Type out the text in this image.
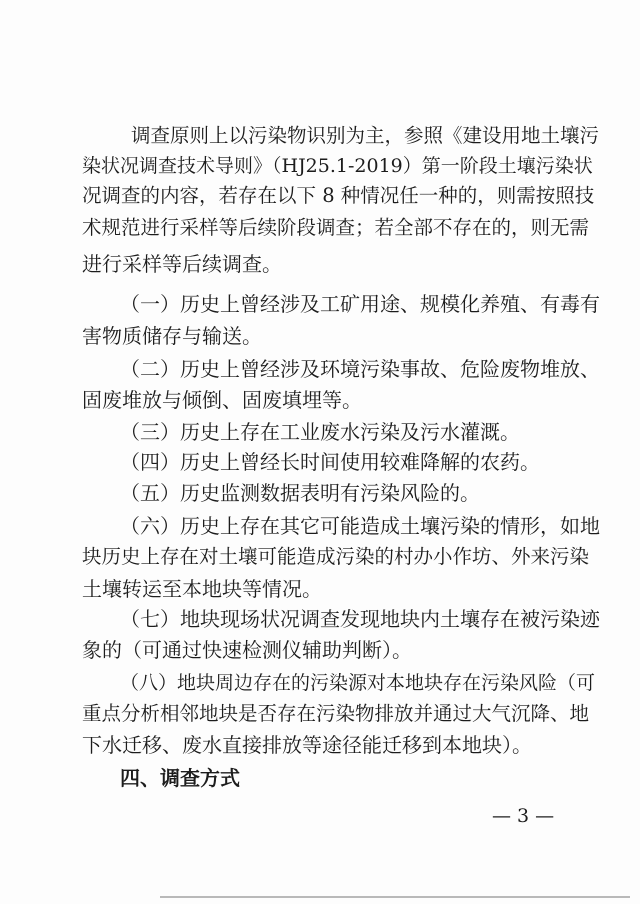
调查原则上以污染物识别为主，参照《建设用地土壤污
染状况调查技术导则》（HJ25.1-2019）第一阶段土壤污染状
况调查的内容，若存在以下 8 种情况任一种的，则需按照技
术规范进行采样等后续阶段调查；若全部不存在的，则无需
进行采样等后续调查。
（一）历史上曾经涉及工矿用途、规模化养殖、有毒有
害物质储存与输送。
（二）历史上曾经涉及环境污染事故、危险废物堆放、
固废堆放与倾倒、固废填埋等。
（三）历史上存在工业废水污染及污水灌溉。
（四）历史上曾经长时间使用较难降解的农药。
（五）历史监测数据表明有污染风险的。
（六）历史上存在其它可能造成土壤污染的情形，如地
块历史上存在对土壤可能造成污染的村办小作坊、外来污染
土壤转运至本地块等情况。
（七）地块现场状况调查发现地块内土壤存在被污染迹
象的（可通过快速检测仪辅助判断）。
（八）地块周边存在的污染源对本地块存在污染风险（可
重点分析相邻地块是否存在污染物排放并通过大气沉降、地
下水迁移、废水直接排放等途径能迁移到本地块）。
四、调查方式
— 3 —
